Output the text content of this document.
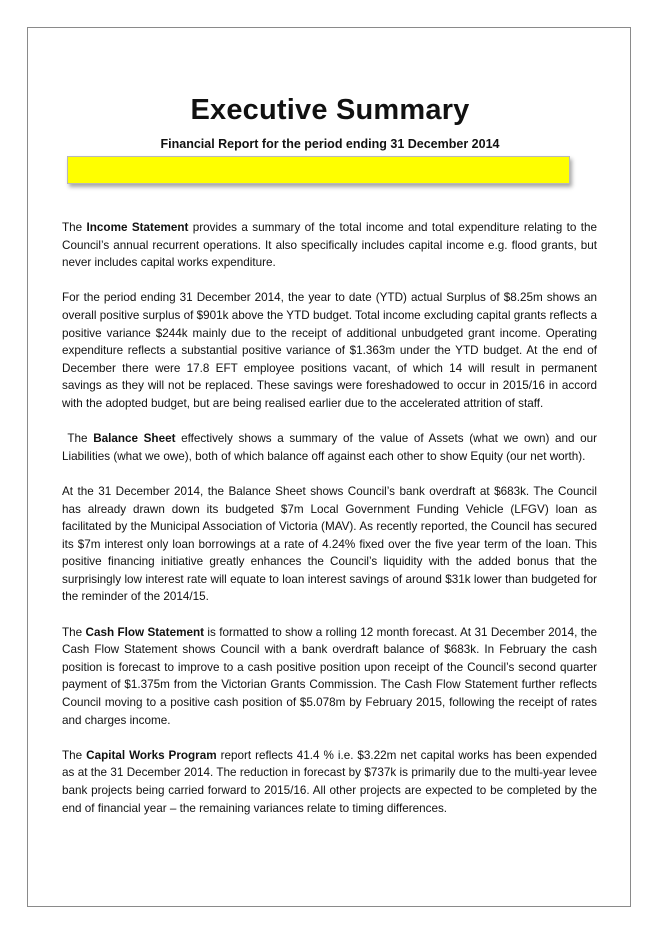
Executive Summary
Financial Report for the period ending 31 December 2014

The Income Statement provides a summary of the total income and total expenditure relating to the Council’s annual recurrent operations. It also specifically includes capital income e.g. flood grants, but never includes capital works expenditure.

For the period ending 31 December 2014, the year to date (YTD) actual Surplus of $8.25m shows an overall positive surplus of $901k above the YTD budget. Total income excluding capital grants reflects a positive variance $244k mainly due to the receipt of additional unbudgeted grant income. Operating expenditure reflects a substantial positive variance of $1.363m under the YTD budget. At the end of December there were 17.8 EFT employee positions vacant, of which 14 will result in permanent savings as they will not be replaced. These savings were foreshadowed to occur in 2015/16 in accord with the adopted budget, but are being realised earlier due to the accelerated attrition of staff.

The Balance Sheet effectively shows a summary of the value of Assets (what we own) and our Liabilities (what we owe), both of which balance off against each other to show Equity (our net worth).

At the 31 December 2014, the Balance Sheet shows Council’s bank overdraft at $683k. The Council has already drawn down its budgeted $7m Local Government Funding Vehicle (LFGV) loan as facilitated by the Municipal Association of Victoria (MAV). As recently reported, the Council has secured its $7m interest only loan borrowings at a rate of 4.24% fixed over the five year term of the loan. This positive financing initiative greatly enhances the Council’s liquidity with the added bonus that the surprisingly low interest rate will equate to loan interest savings of around $31k lower than budgeted for the reminder of the 2014/15.

The Cash Flow Statement is formatted to show a rolling 12 month forecast. At 31 December 2014, the Cash Flow Statement shows Council with a bank overdraft balance of $683k. In February the cash position is forecast to improve to a cash positive position upon receipt of the Council’s second quarter payment of $1.375m from the Victorian Grants Commission. The Cash Flow Statement further reflects Council moving to a positive cash position of $5.078m by February 2015, following the receipt of rates and charges income.

The Capital Works Program report reflects 41.4 % i.e. $3.22m net capital works has been expended as at the 31 December 2014. The reduction in forecast by $737k is primarily due to the multi-year levee bank projects being carried forward to 2015/16. All other projects are expected to be completed by the end of financial year – the remaining variances relate to timing differences.
